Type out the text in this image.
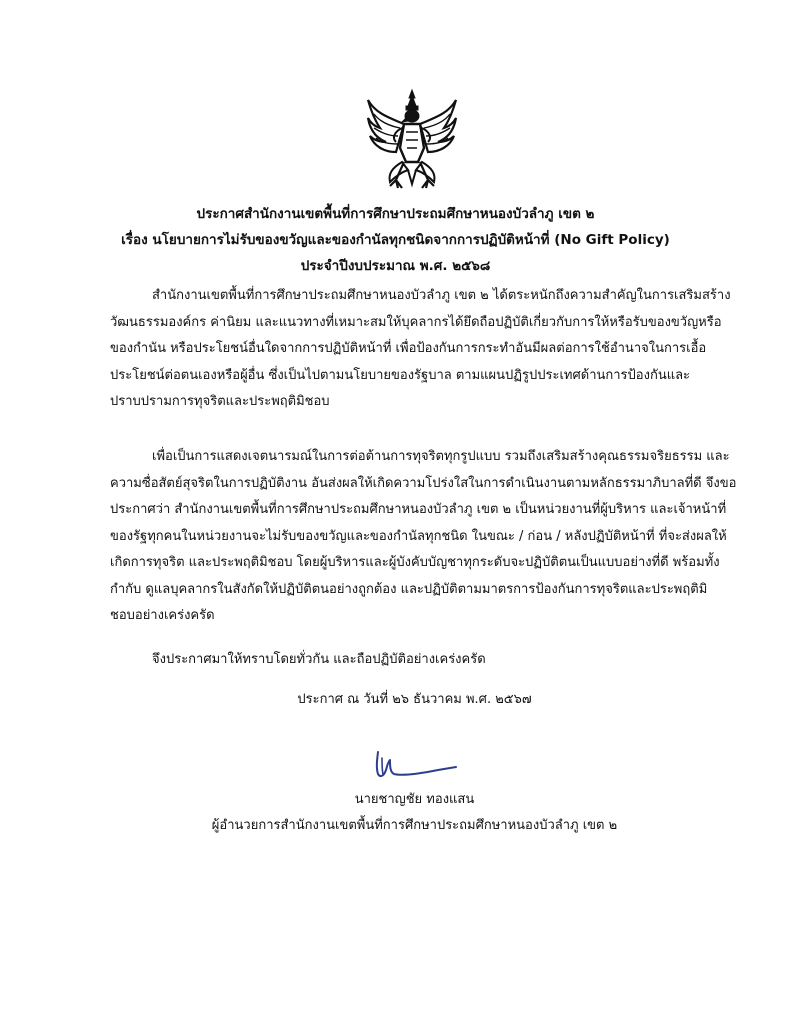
ประกาศสำนักงานเขตพื้นที่การศึกษาประถมศึกษาหนองบัวลำภู เขต ๒
เรื่อง นโยบายการไม่รับของขวัญและของกำนัลทุกชนิดจากการปฏิบัติหน้าที่ (No Gift Policy)
ประจำปีงบประมาณ พ.ศ. ๒๕๖๘
สำนักงานเขตพื้นที่การศึกษาประถมศึกษาหนองบัวลำภู เขต ๒ ได้ตระหนักถึงความสำคัญในการเสริมสร้าง
วัฒนธรรมองค์กร ค่านิยม และแนวทางที่เหมาะสมให้บุคลากรได้ยึดถือปฏิบัติเกี่ยวกับการให้หรือรับของขวัญหรือ
ของกำนัน หรือประโยชน์อื่นใดจากการปฏิบัติหน้าที่ เพื่อป้องกันการกระทำอันมีผลต่อการใช้อำนาจในการเอื้อ
ประโยชน์ต่อตนเองหรือผู้อื่น ซึ่งเป็นไปตามนโยบายของรัฐบาล ตามแผนปฏิรูปประเทศด้านการป้องกันและ
ปราบปรามการทุจริตและประพฤติมิชอบ
เพื่อเป็นการแสดงเจตนารมณ์ในการต่อต้านการทุจริตทุกรูปแบบ รวมถึงเสริมสร้างคุณธรรมจริยธรรม และ
ความซื่อสัตย์สุจริตในการปฏิบัติงาน อันส่งผลให้เกิดความโปร่งใสในการดำเนินงานตามหลักธรรมาภิบาลที่ดี จึงขอ
ประกาศว่า สำนักงานเขตพื้นที่การศึกษาประถมศึกษาหนองบัวลำภู เขต ๒ เป็นหน่วยงานที่ผู้บริหาร และเจ้าหน้าที่
ของรัฐทุกคนในหน่วยงานจะไม่รับของขวัญและของกำนัลทุกชนิด ในขณะ / ก่อน / หลังปฏิบัติหน้าที่ ที่จะส่งผลให้
เกิดการทุจริต และประพฤติมิชอบ โดยผู้บริหารและผู้บังคับบัญชาทุกระดับจะปฏิบัติตนเป็นแบบอย่างที่ดี พร้อมทั้ง
กำกับ ดูแลบุคลากรในสังกัดให้ปฏิบัติตนอย่างถูกต้อง และปฏิบัติตามมาตรการป้องกันการทุจริตและประพฤติมิ
ชอบอย่างเคร่งครัด
จึงประกาศมาให้ทราบโดยทั่วกัน และถือปฏิบัติอย่างเคร่งครัด
ประกาศ ณ วันที่ ๒๖ ธันวาคม พ.ศ. ๒๕๖๗
นายชาญชัย ทองแสน
ผู้อำนวยการสำนักงานเขตพื้นที่การศึกษาประถมศึกษาหนองบัวลำภู เขต ๒
